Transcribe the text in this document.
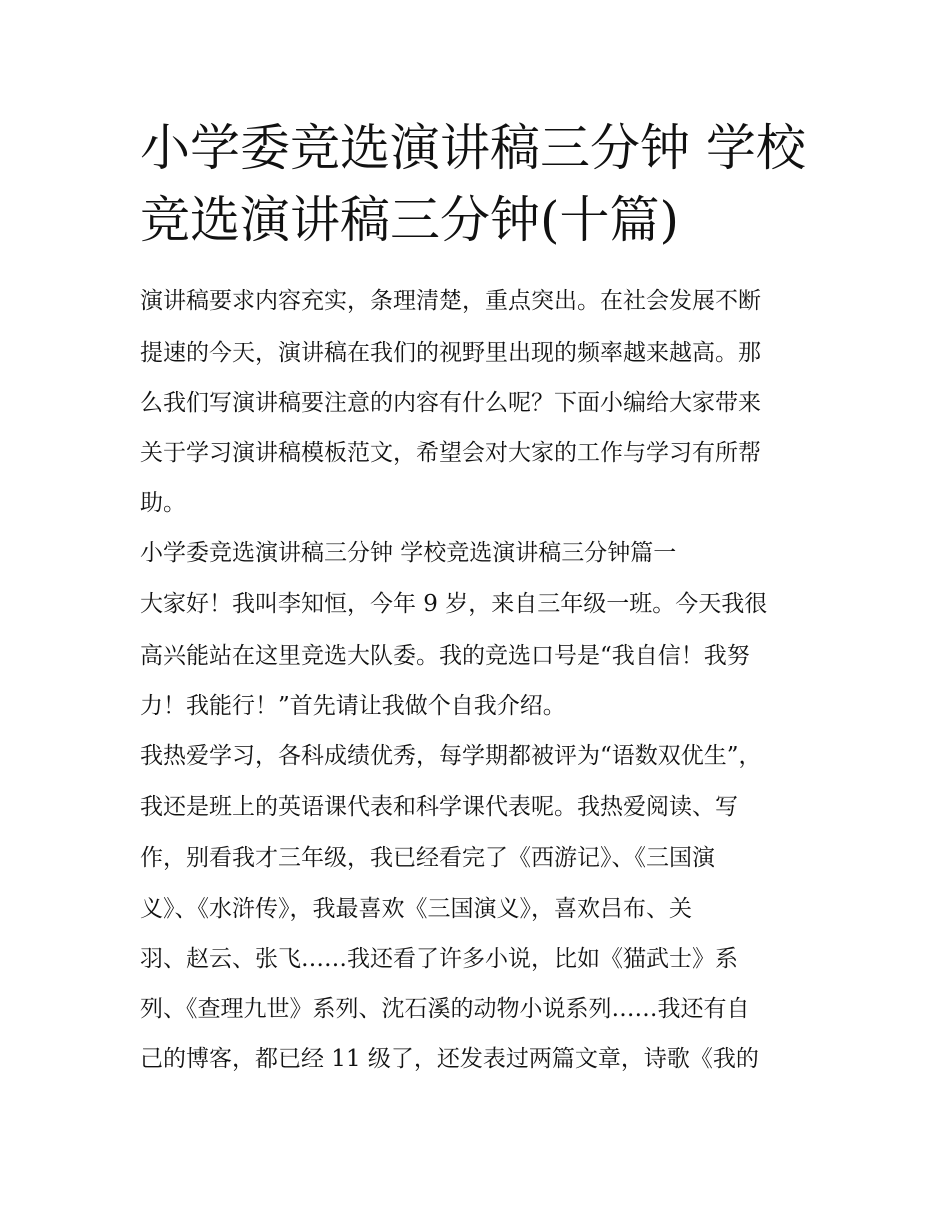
小学委竞选演讲稿三分钟 学校
竞选演讲稿三分钟(十篇)

演讲稿要求内容充实，条理清楚，重点突出。在社会发展不断

提速的今天，演讲稿在我们的视野里出现的频率越来越高。那

么我们写演讲稿要注意的内容有什么呢？下面小编给大家带来

关于学习演讲稿模板范文，希望会对大家的工作与学习有所帮

助。

小学委竞选演讲稿三分钟 学校竞选演讲稿三分钟篇一

大家好！我叫李知恒，今年 9 岁，来自三年级一班。今天我很

高兴能站在这里竞选大队委。我的竞选口号是“我自信！我努

力！我能行！”首先请让我做个自我介绍。

我热爱学习，各科成绩优秀，每学期都被评为“语数双优生”，

我还是班上的英语课代表和科学课代表呢。我热爱阅读、写

作，别看我才三年级，我已经看完了《西游记》、《三国演

义》、《水浒传》，我最喜欢《三国演义》，喜欢吕布、关

羽、赵云、张飞……我还看了许多小说，比如《猫武士》系

列、《查理九世》系列、沈石溪的动物小说系列……我还有自

己的博客，都已经 11 级了，还发表过两篇文章，诗歌《我的
